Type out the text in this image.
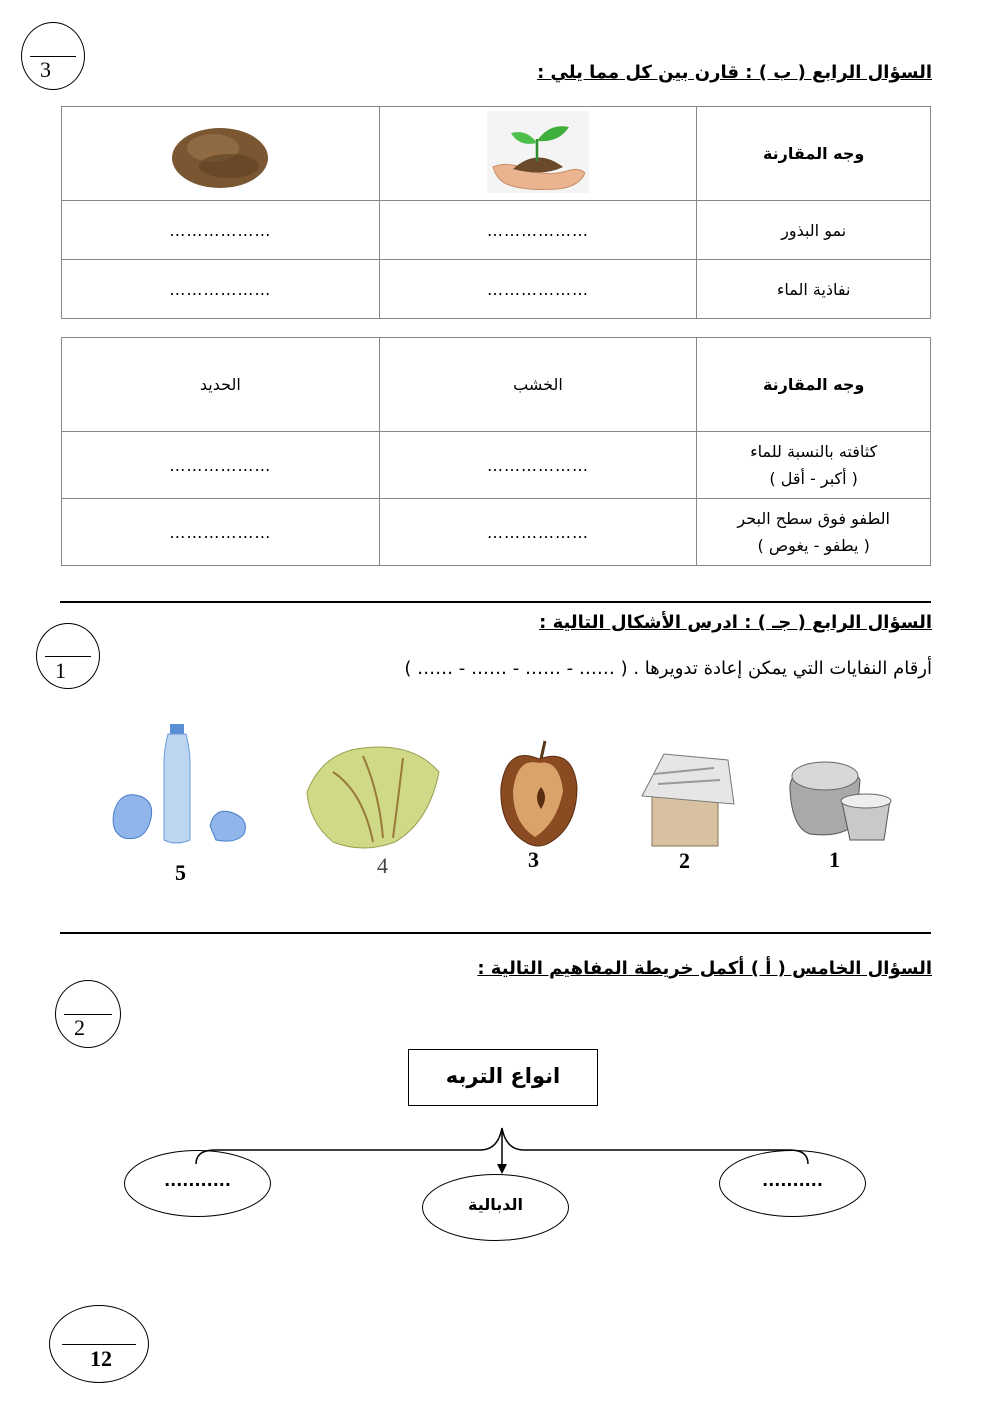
3	السؤال الرابع ( ب ) : قارن بين كل مما يلي :
وجه المقارنة		
نمو البذور	………………	………………
نفاذية الماء	………………	………………
وجه المقارنة	الخشب	الحديد

كثافته بالنسبة للماء
( أكبر - أقل )	………………	………………

الطفو فوق سطح البحر
( يطفو - يغوص )	………………	………………
السؤال الرابع ( جـ ) : ادرس الأشكال التالية :
1	أرقام النفايات التي يمكن إعادة تدويرها . ( …… - …… - …… - …… )
1
2
3
4
5
السؤال الخامس ( أ ) أكمل خريطة المفاهيم التالية :
2
انواع التربه
...........
الدبالية
..........
12
